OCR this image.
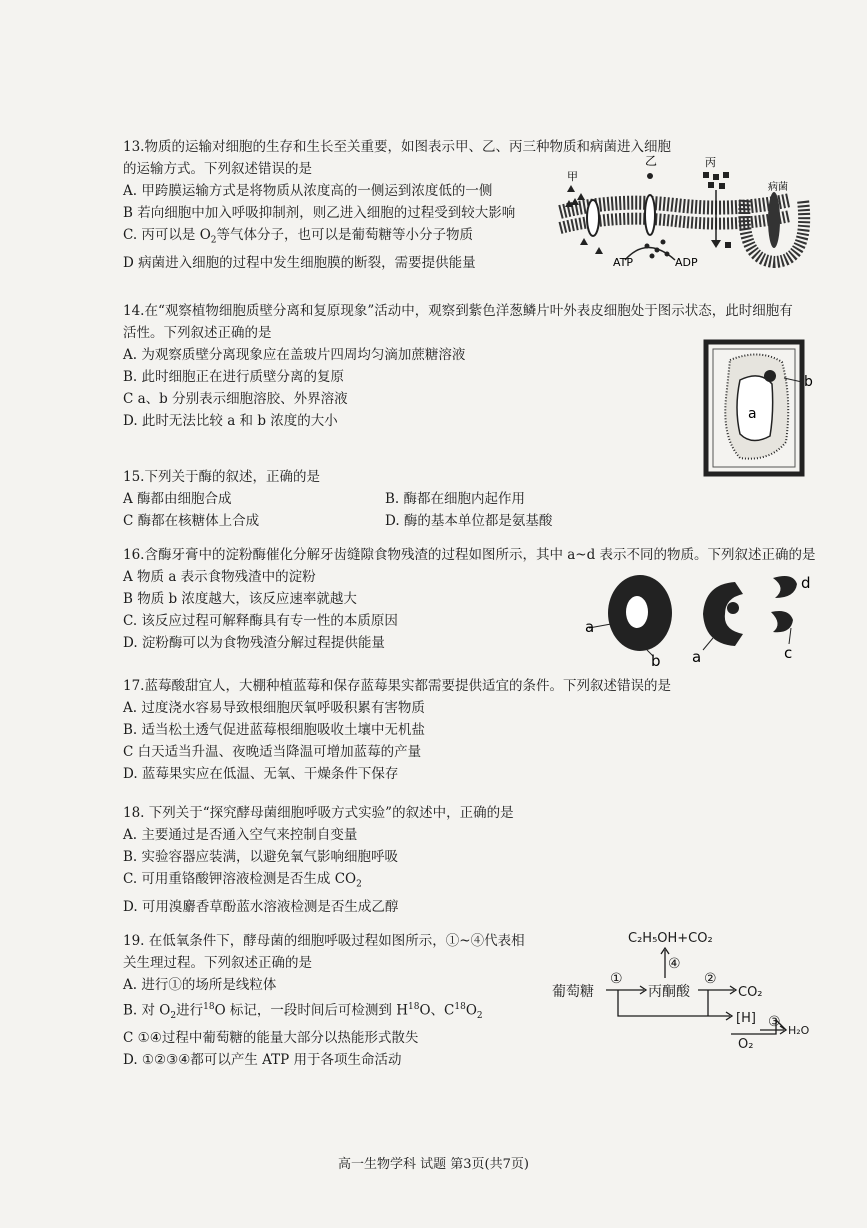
13.物质的运输对细胞的生存和生长至关重要，如图表示甲、乙、丙三种物质和病菌进入细胞
的运输方式。下列叙述错误的是
A. 甲跨膜运输方式是将物质从浓度高的一侧运到浓度低的一侧
B 若向细胞中加入呼吸抑制剂，则乙进入细胞的过程受到较大影响
C. 丙可以是 $O_2$等气体分子，也可以是葡萄糖等小分子物质
D 病菌进入细胞的过程中发生细胞膜的断裂，需要提供能量
甲
乙
ATP	ADP
丙
病菌
14.在“观察植物细胞质壁分离和复原现象”活动中，观察到紫色洋葱鳞片叶外表皮细胞处于图示状态，此时细胞有
活性。下列叙述正确的是
A. 为观察质壁分离现象应在盖玻片四周均匀滴加蔗糖溶液
B. 此时细胞正在进行质壁分离的复原
C a、b 分别表示细胞溶胶、外界溶液
D. 此时无法比较 a 和 b 浓度的大小	a
b
15.下列关于酶的叙述，正确的是
A 酶都由细胞合成	B. 酶都在细胞内起作用
C 酶都在核糖体上合成	D. 酶的基本单位都是氨基酸
16.含酶牙膏中的淀粉酶催化分解牙齿缝隙食物残渣的过程如图所示，其中 a~d 表示不同的物质。下列叙述正确的是
A 物质 a 表示食物残渣中的淀粉
B 物质 b 浓度越大，该反应速率就越大
C. 该反应过程可解释酶具有专一性的本质原因
D. 淀粉酶可以为食物残渣分解过程提供能量
a
b a	c
d
17.蓝莓酸甜宜人，大棚种植蓝莓和保存蓝莓果实都需要提供适宜的条件。下列叙述错误的是
A. 过度浇水容易导致根细胞厌氧呼吸积累有害物质
B. 适当松土透气促进蓝莓根细胞吸收土壤中无机盐
C 白天适当升温、夜晚适当降温可增加蓝莓的产量
D. 蓝莓果实应在低温、无氧、干燥条件下保存
18. 下列关于“探究酵母菌细胞呼吸方式实验”的叙述中，正确的是
A. 主要通过是否通入空气来控制自变量
B. 实验容器应装满，以避免氧气影响细胞呼吸
C. 可用重铬酸钾溶液检测是否生成 $CO_2$
D. 可用溴麝香草酚蓝水溶液检测是否生成乙醇
19. 在低氧条件下，酵母菌的细胞呼吸过程如图所示，①~④代表相
关生理过程。下列叙述正确的是
A. 进行①的场所是线粒体
B. 对 $O_2$进行$^{18}$O 标记，一段时间后可检测到 $H^{18}O$、$C^{18}O_2$
C ①④过程中葡萄糖的能量大部分以热能形式散失
D. ①②③④都可以产生 ATP 用于各项生命活动
C₂H₅OH+CO₂
葡萄糖	丙酮酸	CO₂
[H]
O₂
H₂O
①	②
③
④
高一生物学科 试题 第3页(共7页)
